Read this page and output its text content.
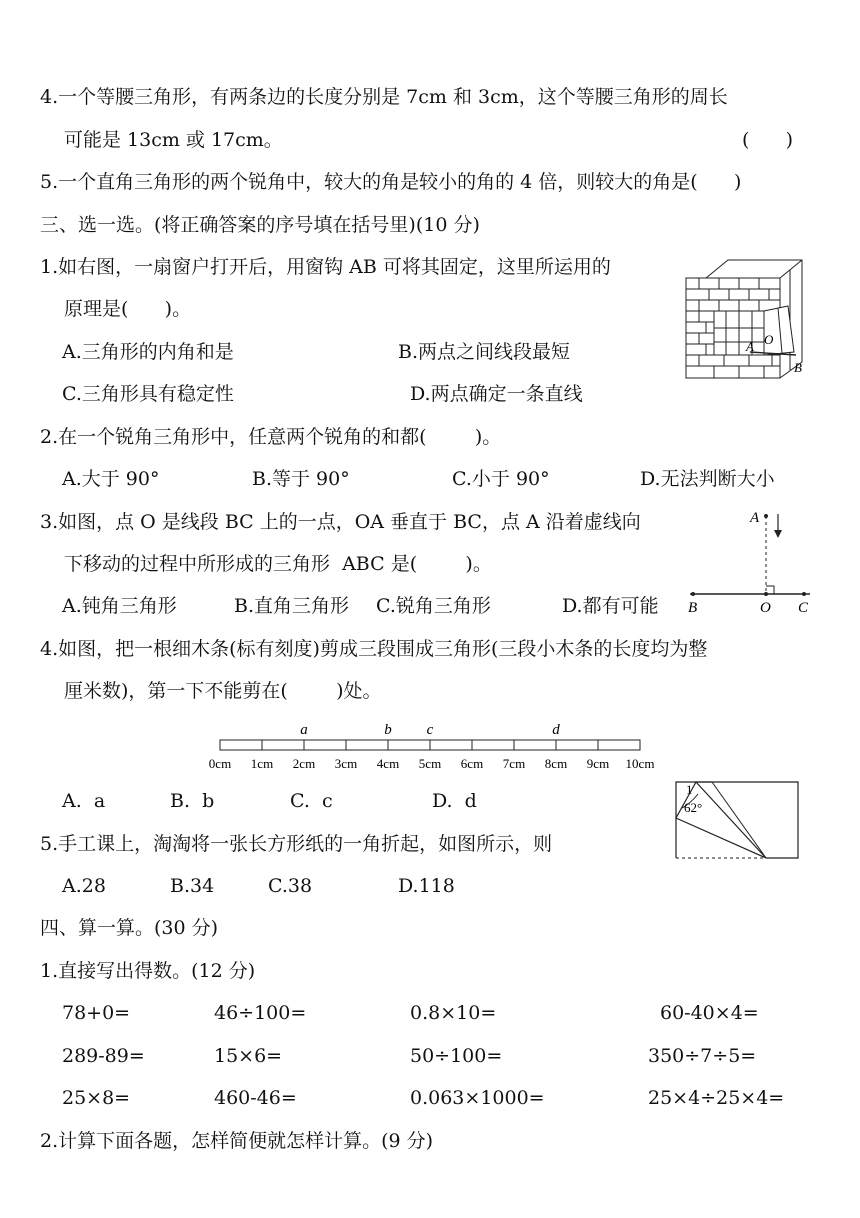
4.一个等腰三角形，有两条边的长度分别是 7cm 和 3cm，这个等腰三角形的周长
可能是 13cm 或 17cm。	(      )
5.一个直角三角形的两个锐角中，较大的角是较小的角的 4 倍，则较大的角是(      )
三、选一选。(将正确答案的序号填在括号里)(10 分)
1.如右图，一扇窗户打开后，用窗钩 AB 可将其固定，这里所运用的
原理是(      )。
A.三角形的内角和是	B.两点之间线段最短
C.三角形具有稳定性	D.两点确定一条直线
A O
B
2.在一个锐角三角形中，任意两个锐角的和都(        )。
A.大于 90°	B.等于 90°	C.小于 90°	D.无法判断大小
3.如图，点 O 是线段 BC 上的一点，OA 垂直于 BC，点 A 沿着虚线向
下移动的过程中所形成的三角形  ABC 是(        )。
A.钝角三角形	B.直角三角形 C.锐角三角形	D.都有可能
A
B	O C
4.如图，把一根细木条(标有刻度)剪成三段围成三角形(三段小木条的长度均为整
厘米数)，第一下不能剪在(        )处。
0cm 1cm 2cm 3cm 4cm 5cm 6cm 7cm 8cm 9cm 10cm
a	b c	d
A.  a	B.  b	C.  c	D.  d
1
62°
5.手工课上，淘淘将一张长方形纸的一角折起，如图所示，则
A.28	B.34	C.38	D.118
四、算一算。(30 分)
1.直接写出得数。(12 分)
78+0=	46÷100=	0.8×10=	60-40×4=
289-89=	15×6=	50÷100=	350÷7÷5=
25×8=	460-46=	0.063×1000=	25×4÷25×4=
2.计算下面各题，怎样简便就怎样计算。(9 分)
